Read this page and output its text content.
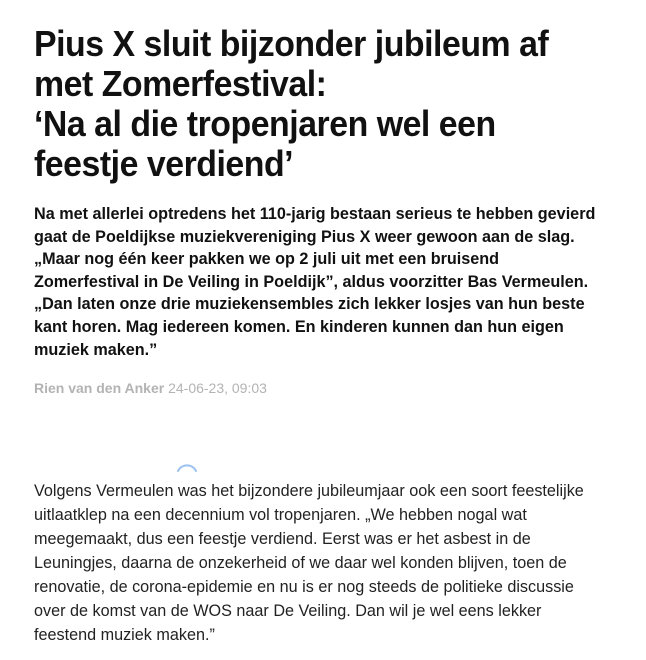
Pius X sluit bijzonder jubileum af
met Zomerfestival:
‘Na al die tropenjaren wel een
feestje verdiend’

Na met allerlei optredens het 110-jarig bestaan serieus te hebben gevierd
gaat de Poeldijkse muziekvereniging Pius X weer gewoon aan de slag.
„Maar nog één keer pakken we op 2 juli uit met een bruisend
Zomerfestival in De Veiling in Poeldijk”, aldus voorzitter Bas Vermeulen.
„Dan laten onze drie muziekensembles zich lekker losjes van hun beste
kant horen. Mag iedereen komen. En kinderen kunnen dan hun eigen
muziek maken.”

Rien van den Anker 24-06-23, 09:03

Volgens Vermeulen was het bijzondere jubileumjaar ook een soort feestelijke
uitlaatklep na een decennium vol tropenjaren. „We hebben nogal wat
meegemaakt, dus een feestje verdiend. Eerst was er het asbest in de
Leuningjes, daarna de onzekerheid of we daar wel konden blijven, toen de
renovatie, de corona-epidemie en nu is er nog steeds de politieke discussie
over de komst van de WOS naar De Veiling. Dan wil je wel eens lekker
feestend muziek maken.”
